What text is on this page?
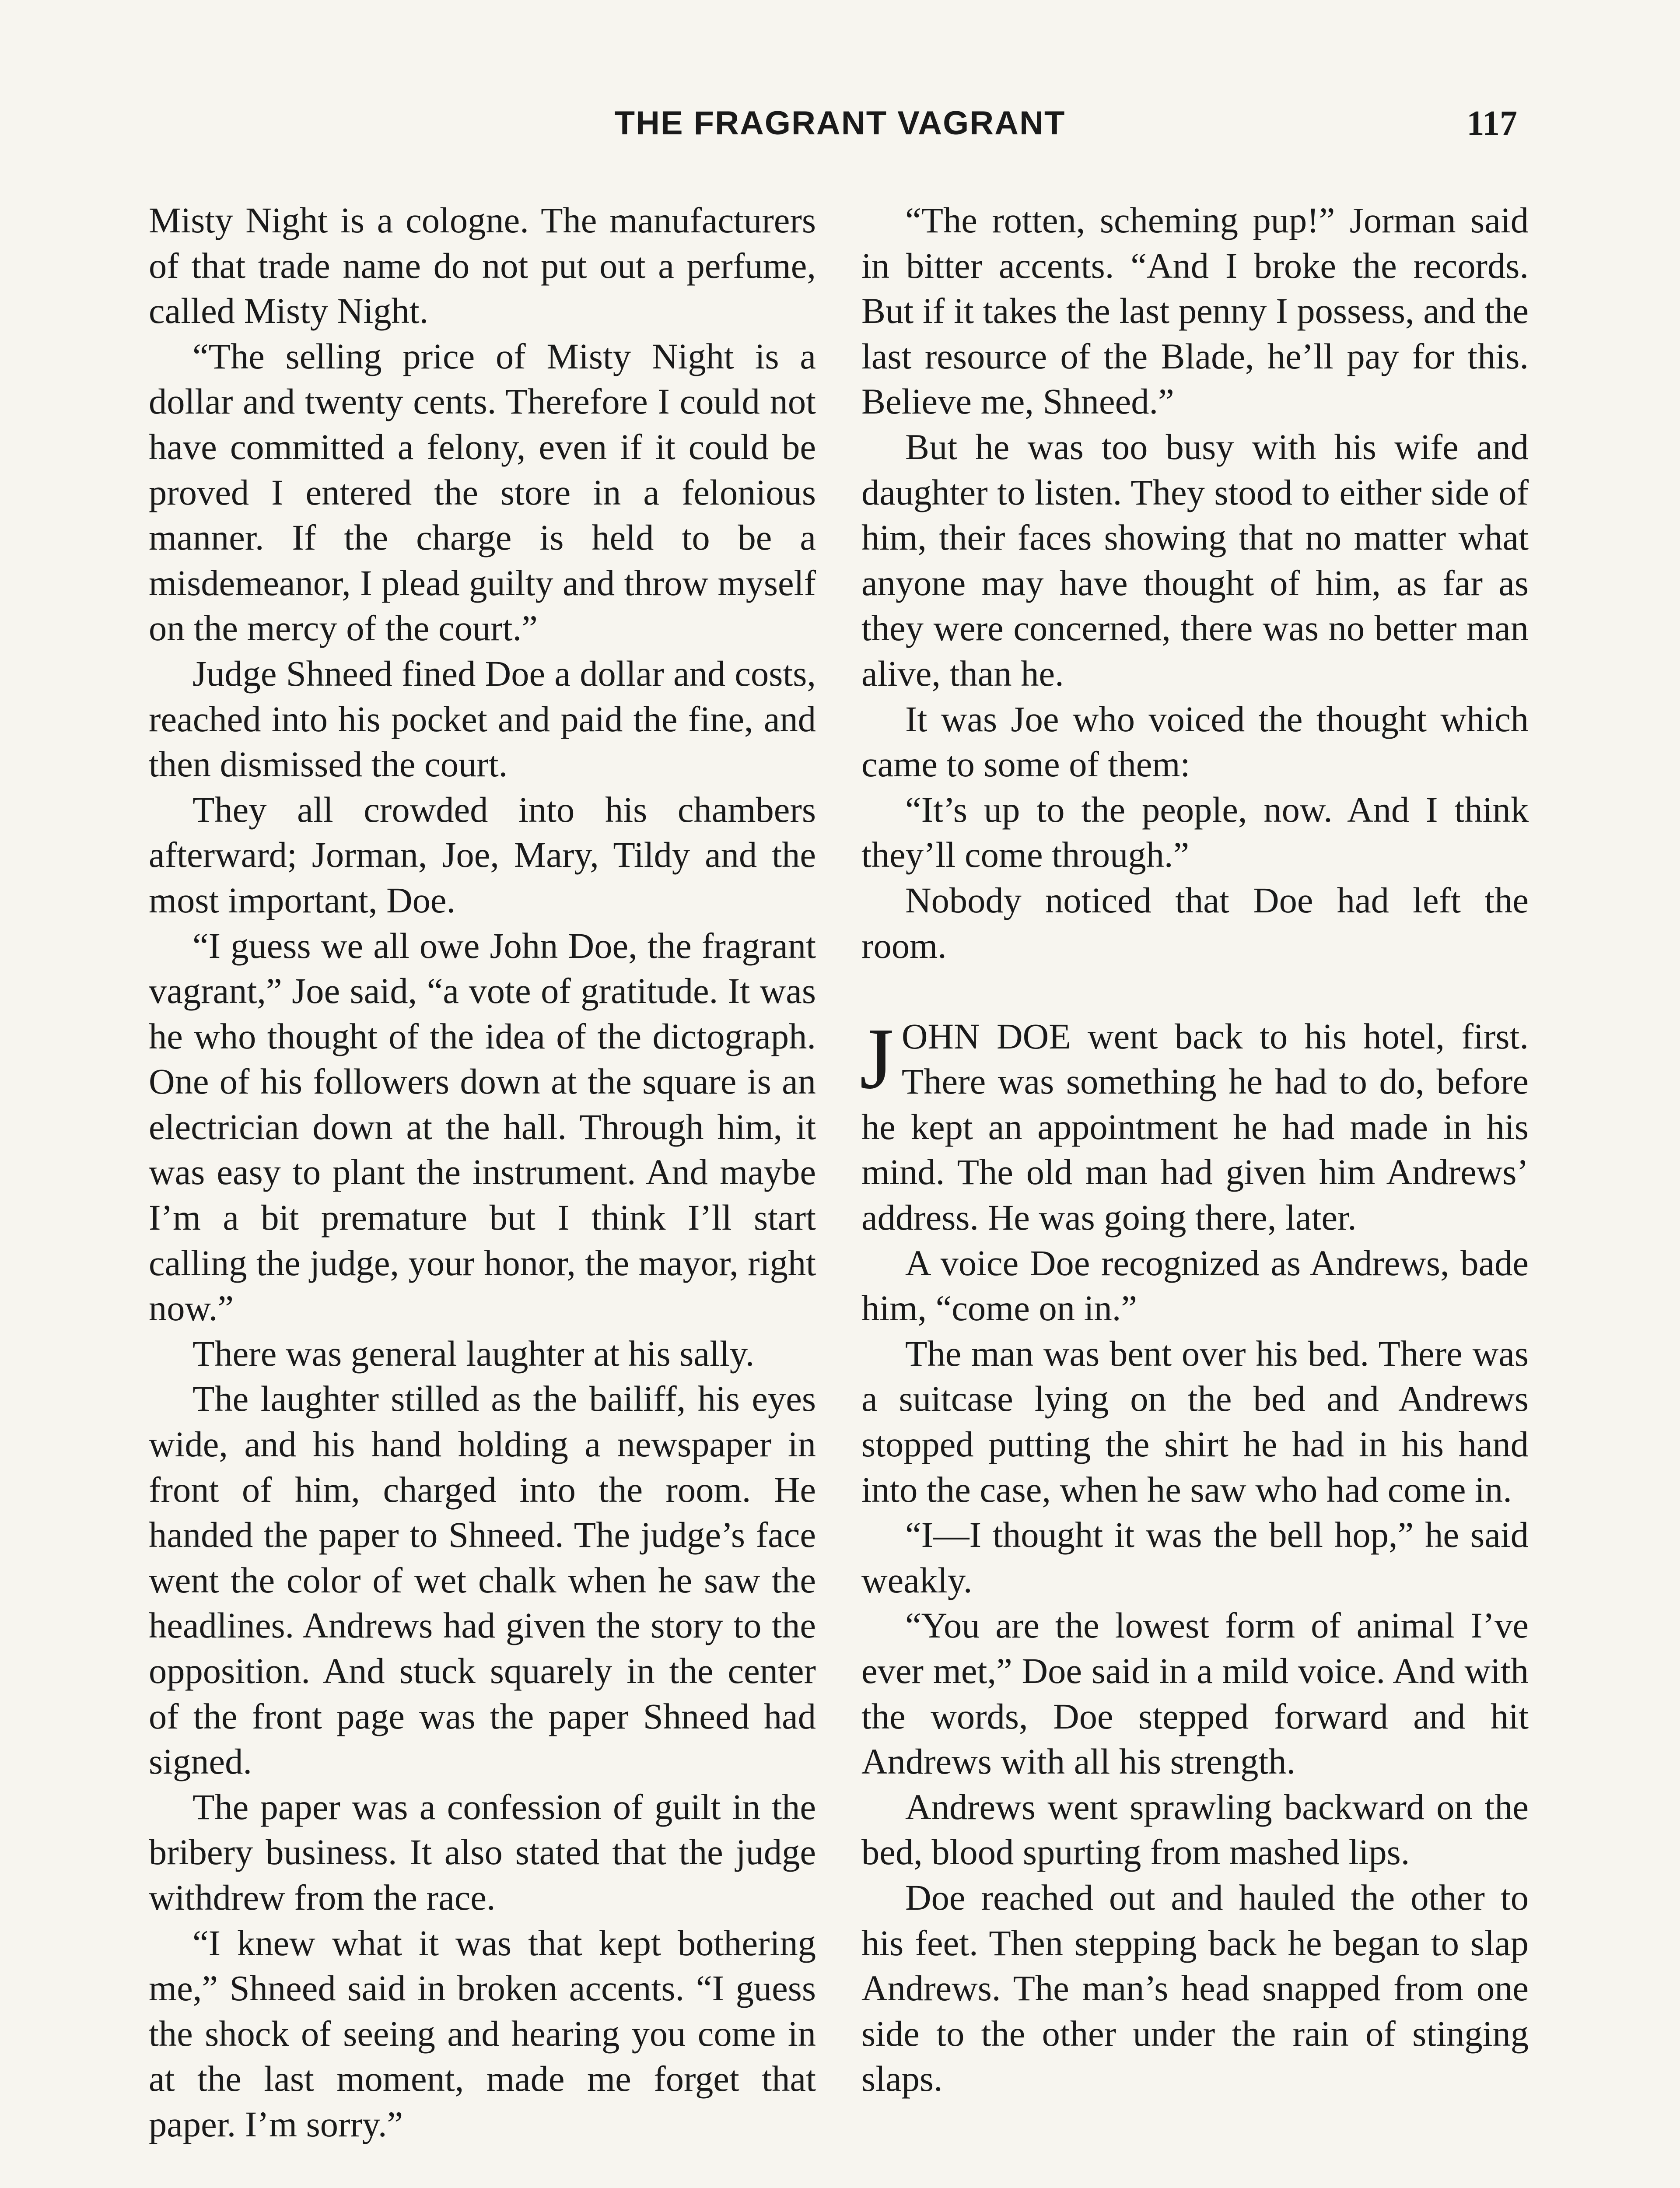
THE FRAGRANT VAGRANT	117

Misty Night is a cologne. The manufacturers of that trade name do not put out a perfume, called Misty Night.

“The selling price of Misty Night is a dollar and twenty cents. Therefore I could not have committed a felony, even if it could be proved I entered the store in a felonious manner. If the charge is held to be a misdemeanor, I plead guilty and throw myself on the mercy of the court.”

Judge Shneed fined Doe a dollar and costs, reached into his pocket and paid the fine, and then dismissed the court.

They all crowded into his chambers afterward; Jorman, Joe, Mary, Tildy and the most important, Doe.

“I guess we all owe John Doe, the fragrant vagrant,” Joe said, “a vote of gratitude. It was he who thought of the idea of the dictograph. One of his followers down at the square is an electrician down at the hall. Through him, it was easy to plant the instrument. And maybe I’m a bit premature but I think I’ll start calling the judge, your honor, the mayor, right now.”

There was general laughter at his sally.

The laughter stilled as the bailiff, his eyes wide, and his hand holding a newspaper in front of him, charged into the room. He handed the paper to Shneed. The judge’s face went the color of wet chalk when he saw the headlines. Andrews had given the story to the opposition. And stuck squarely in the center of the front page was the paper Shneed had signed.

The paper was a confession of guilt in the bribery business. It also stated that the judge withdrew from the race.

“I knew what it was that kept bothering me,” Shneed said in broken accents. “I guess the shock of seeing and hearing you come in at the last moment, made me forget that paper. I’m sorry.”

“The rotten, scheming pup!” Jorman said in bitter accents. “And I broke the records. But if it takes the last penny I possess, and the last resource of the Blade, he’ll pay for this. Believe me, Shneed.”

But he was too busy with his wife and daughter to listen. They stood to either side of him, their faces showing that no matter what anyone may have thought of him, as far as they were concerned, there was no better man alive, than he.

It was Joe who voiced the thought which came to some of them:

“It’s up to the people, now. And I think they’ll come through.”

Nobody noticed that Doe had left the room.

JOHN DOE went back to his hotel, first. There was something he had to do, before he kept an appointment he had made in his mind. The old man had given him Andrews’ address. He was going there, later.

A voice Doe recognized as Andrews, bade him, “come on in.”

The man was bent over his bed. There was a suitcase lying on the bed and Andrews stopped putting the shirt he had in his hand into the case, when he saw who had come in.

“I—I thought it was the bell hop,” he said weakly.

“You are the lowest form of animal I’ve ever met,” Doe said in a mild voice. And with the words, Doe stepped forward and hit Andrews with all his strength.

Andrews went sprawling backward on the bed, blood spurting from mashed lips.

Doe reached out and hauled the other to his feet. Then stepping back he began to slap Andrews. The man’s head snapped from one side to the other under the rain of stinging slaps.
